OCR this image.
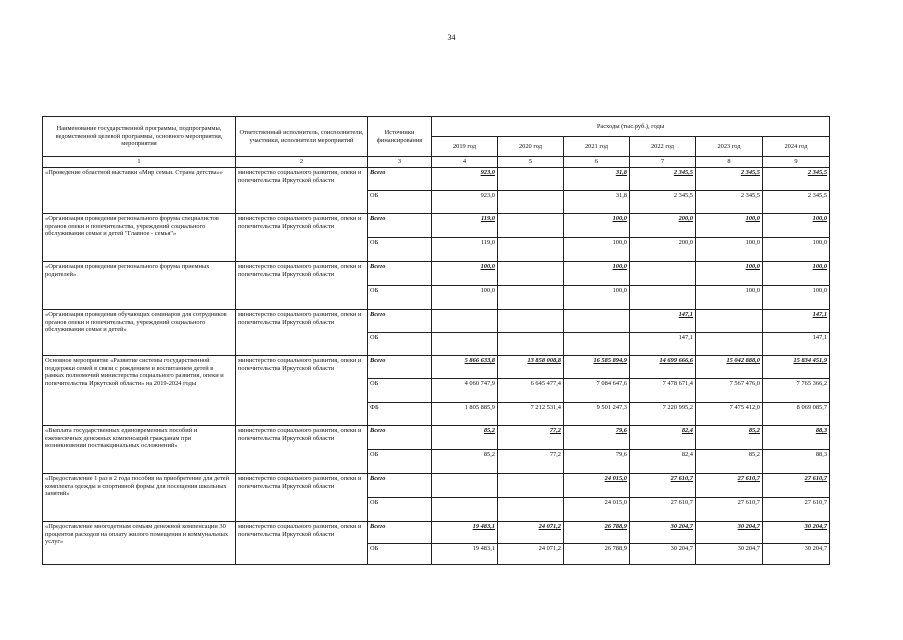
34
Наименование государственной программы, подпрограммы, ведомственной целевой программы, основного мероприятия, мероприятия	Ответственный исполнитель, соисполнители, участники, исполнители мероприятий	Источники финансирования	Расходы (тыс.руб.), годы					
			2019 год	2020 год	2021 год	2022 год	2023 год	2024 год
1	2	3	4	5	6	7	8	9
«Проведение областной выставки «Мир семьи. Страна детства»»	министерство социального развития, опеки и попечительства Иркутской области	Всего	923,0		31,8	2 345,5	2 345,5	2 345,5
		ОБ	923,0		31,8	2 345,5	2 345,5	2 345,5
«Организация проведения регионального форума специалистов органов опеки и попечительства, учреждений социального обслуживания семьи и детей "Главное - семья"»	министерство социального развития, опеки и попечительства Иркутской области	Всего	119,0		100,0	200,0	100,0	100,0
		ОБ	119,0		100,0	200,0	100,0	100,0
«Организация проведения регионального форума приемных родителей»	министерство социального развития, опеки и попечительства Иркутской области	Всего	100,0		100,0		100,0	100,0
		ОБ	100,0		100,0		100,0	100,0
«Организация проведения обучающих семинаров для сотрудников органов опеки и попечительства, учреждений социального обслуживания семьи и детей»	министерство социального развития, опеки и попечительства Иркутской области	Всего				147,1		147,1
		ОБ				147,1		147,1
Основное мероприятие «Развитие системы государственной поддержки семей в связи с рождением и воспитанием детей в рамках полномочий министерства социального развития, опеки и попечительства Иркутской области» на 2019-2024 годы	министерство социального развития, опеки и попечительства Иркутской области	Всего	5 866 633,8	13 858 008,8	16 585 894,9	14 699 666,6	15 042 888,0	15 834 451,9
		ОБ	4 060 747,9	6 645 477,4	7 084 647,6	7 478 671,4	7 567 476,0	7 765 366,2
		ФБ	1 805 885,9	7 212 531,4	9 501 247,3	7 220 995,2	7 475 412,0	8 069 085,7
«Выплата государственных единовременных пособий и ежемесячных денежных компенсаций гражданам при возникновении поствакцинальных осложнений»	министерство социального развития, опеки и попечительства Иркутской области	Всего	85,2	77,2	79,6	82,4	85,2	88,3
		ОБ	85,2	77,2	79,6	82,4	85,2	88,3
«Предоставление 1 раз в 2 года пособия на приобретение для детей комплекта одежды и спортивной формы для посещения школьных занятий»	министерство социального развития, опеки и попечительства Иркутской области	Всего			24 015,0	27 610,7	27 610,7	27 610,7
		ОБ			24 015,0	27 610,7	27 610,7	27 610,7
«Предоставление многодетным семьям денежной компенсации 30 процентов расходов на оплату жилого помещения и коммунальных услуг»	министерство социального развития, опеки и попечительства Иркутской области	Всего	19 483,1	24 071,2	26 788,9	30 204,7	30 204,7	30 204,7
		ОБ	19 483,1	24 071,2	26 788,9	30 204,7	30 204,7	30 204,7
